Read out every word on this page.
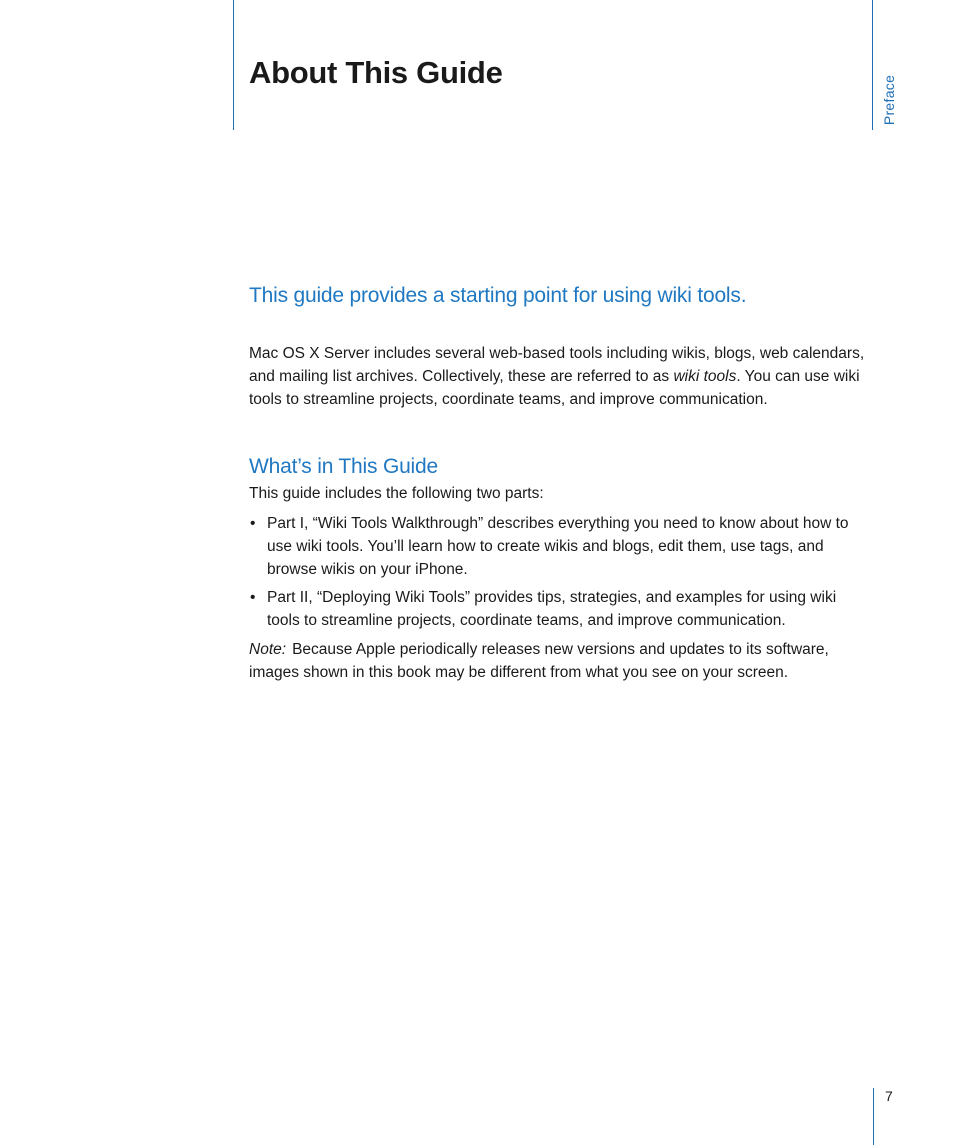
About This Guide
Preface
This guide provides a starting point for using wiki tools.

Mac OS X Server includes several web-based tools including wikis, blogs, web calendars, and mailing list archives. Collectively, these are referred to as wiki tools. You can use wiki tools to streamline projects, coordinate teams, and improve communication.

What’s in This Guide

This guide includes the following two parts:

• Part I, “Wiki Tools Walkthrough” describes everything you need to know about how to use wiki tools. You’ll learn how to create wikis and blogs, edit them, use tags, and browse wikis on your iPhone.
• Part II, “Deploying Wiki Tools” provides tips, strategies, and examples for using wiki tools to streamline projects, coordinate teams, and improve communication.

Note: Because Apple periodically releases new versions and updates to its software, images shown in this book may be different from what you see on your screen.

7
